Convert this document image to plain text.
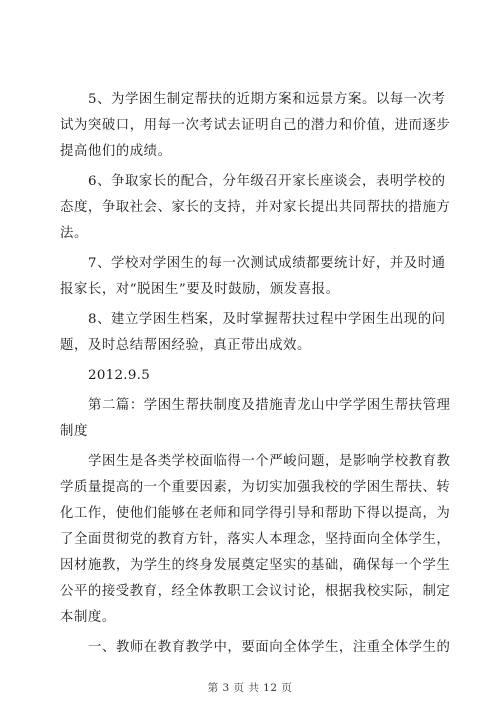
5、为学困生制定帮扶的近期方案和远景方案。以每一次考
试为突破口，用每一次考试去证明自己的潜力和价值，进而逐步
提高他们的成绩。
6、争取家长的配合，分年级召开家长座谈会，表明学校的
态度，争取社会、家长的支持，并对家长提出共同帮扶的措施方
法。
7、学校对学困生的每一次测试成绩都要统计好，并及时通
报家长，对“脱困生”要及时鼓励，颁发喜报。
8、建立学困生档案，及时掌握帮扶过程中学困生出现的问
题，及时总结帮困经验，真正带出成效。
2012.9.5
第二篇：学困生帮扶制度及措施青龙山中学学困生帮扶管理
制度
学困生是各类学校面临得一个严峻问题，是影响学校教育教
学质量提高的一个重要因素，为切实加强我校的学困生帮扶、转
化工作，使他们能够在老师和同学得引导和帮助下得以提高，为
了全面贯彻党的教育方针，落实人本理念，坚持面向全体学生，
因材施教，为学生的终身发展奠定坚实的基础，确保每一个学生
公平的接受教育，经全体教职工会议讨论，根据我校实际，制定
本制度。
一、教师在教育教学中，要面向全体学生，注重全体学生的
第 3 页 共 12 页
